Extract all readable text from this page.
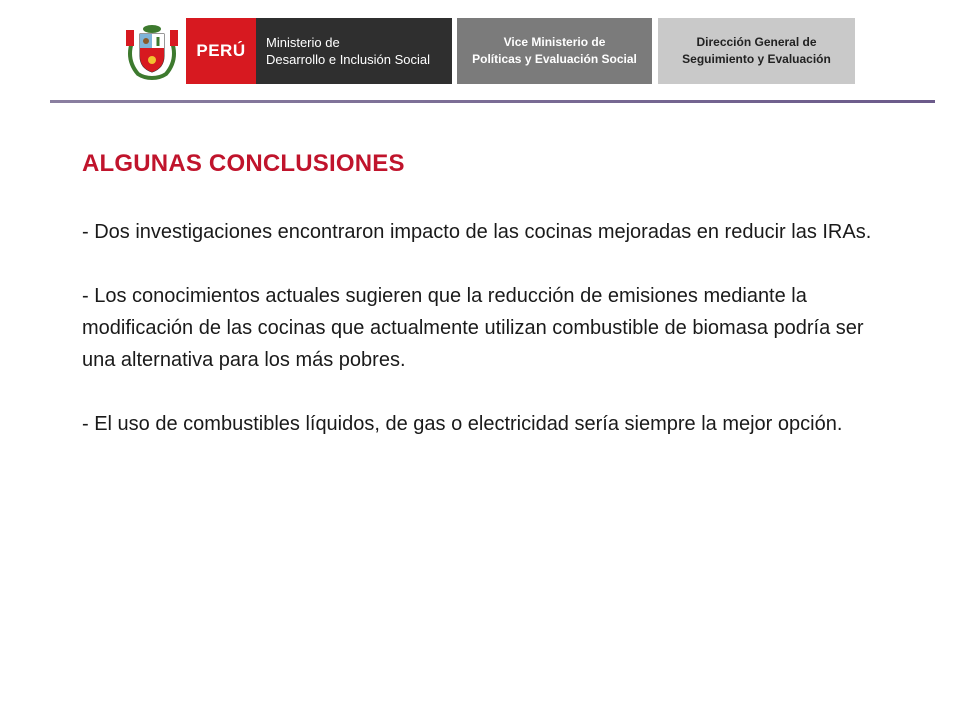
PERÚ Ministerio de
Desarrollo e Inclusión Social
Vice Ministerio de
Políticas y Evaluación Social
Dirección General de
Seguimiento y Evaluación
ALGUNAS CONCLUSIONES

- Dos investigaciones encontraron impacto de las cocinas mejoradas en reducir las IRAs.

- Los conocimientos actuales sugieren que la reducción de emisiones mediante la modificación de las cocinas que actualmente utilizan combustible de biomasa podría ser una alternativa para los más pobres.

- El uso de combustibles líquidos, de gas o electricidad sería siempre la mejor opción.
